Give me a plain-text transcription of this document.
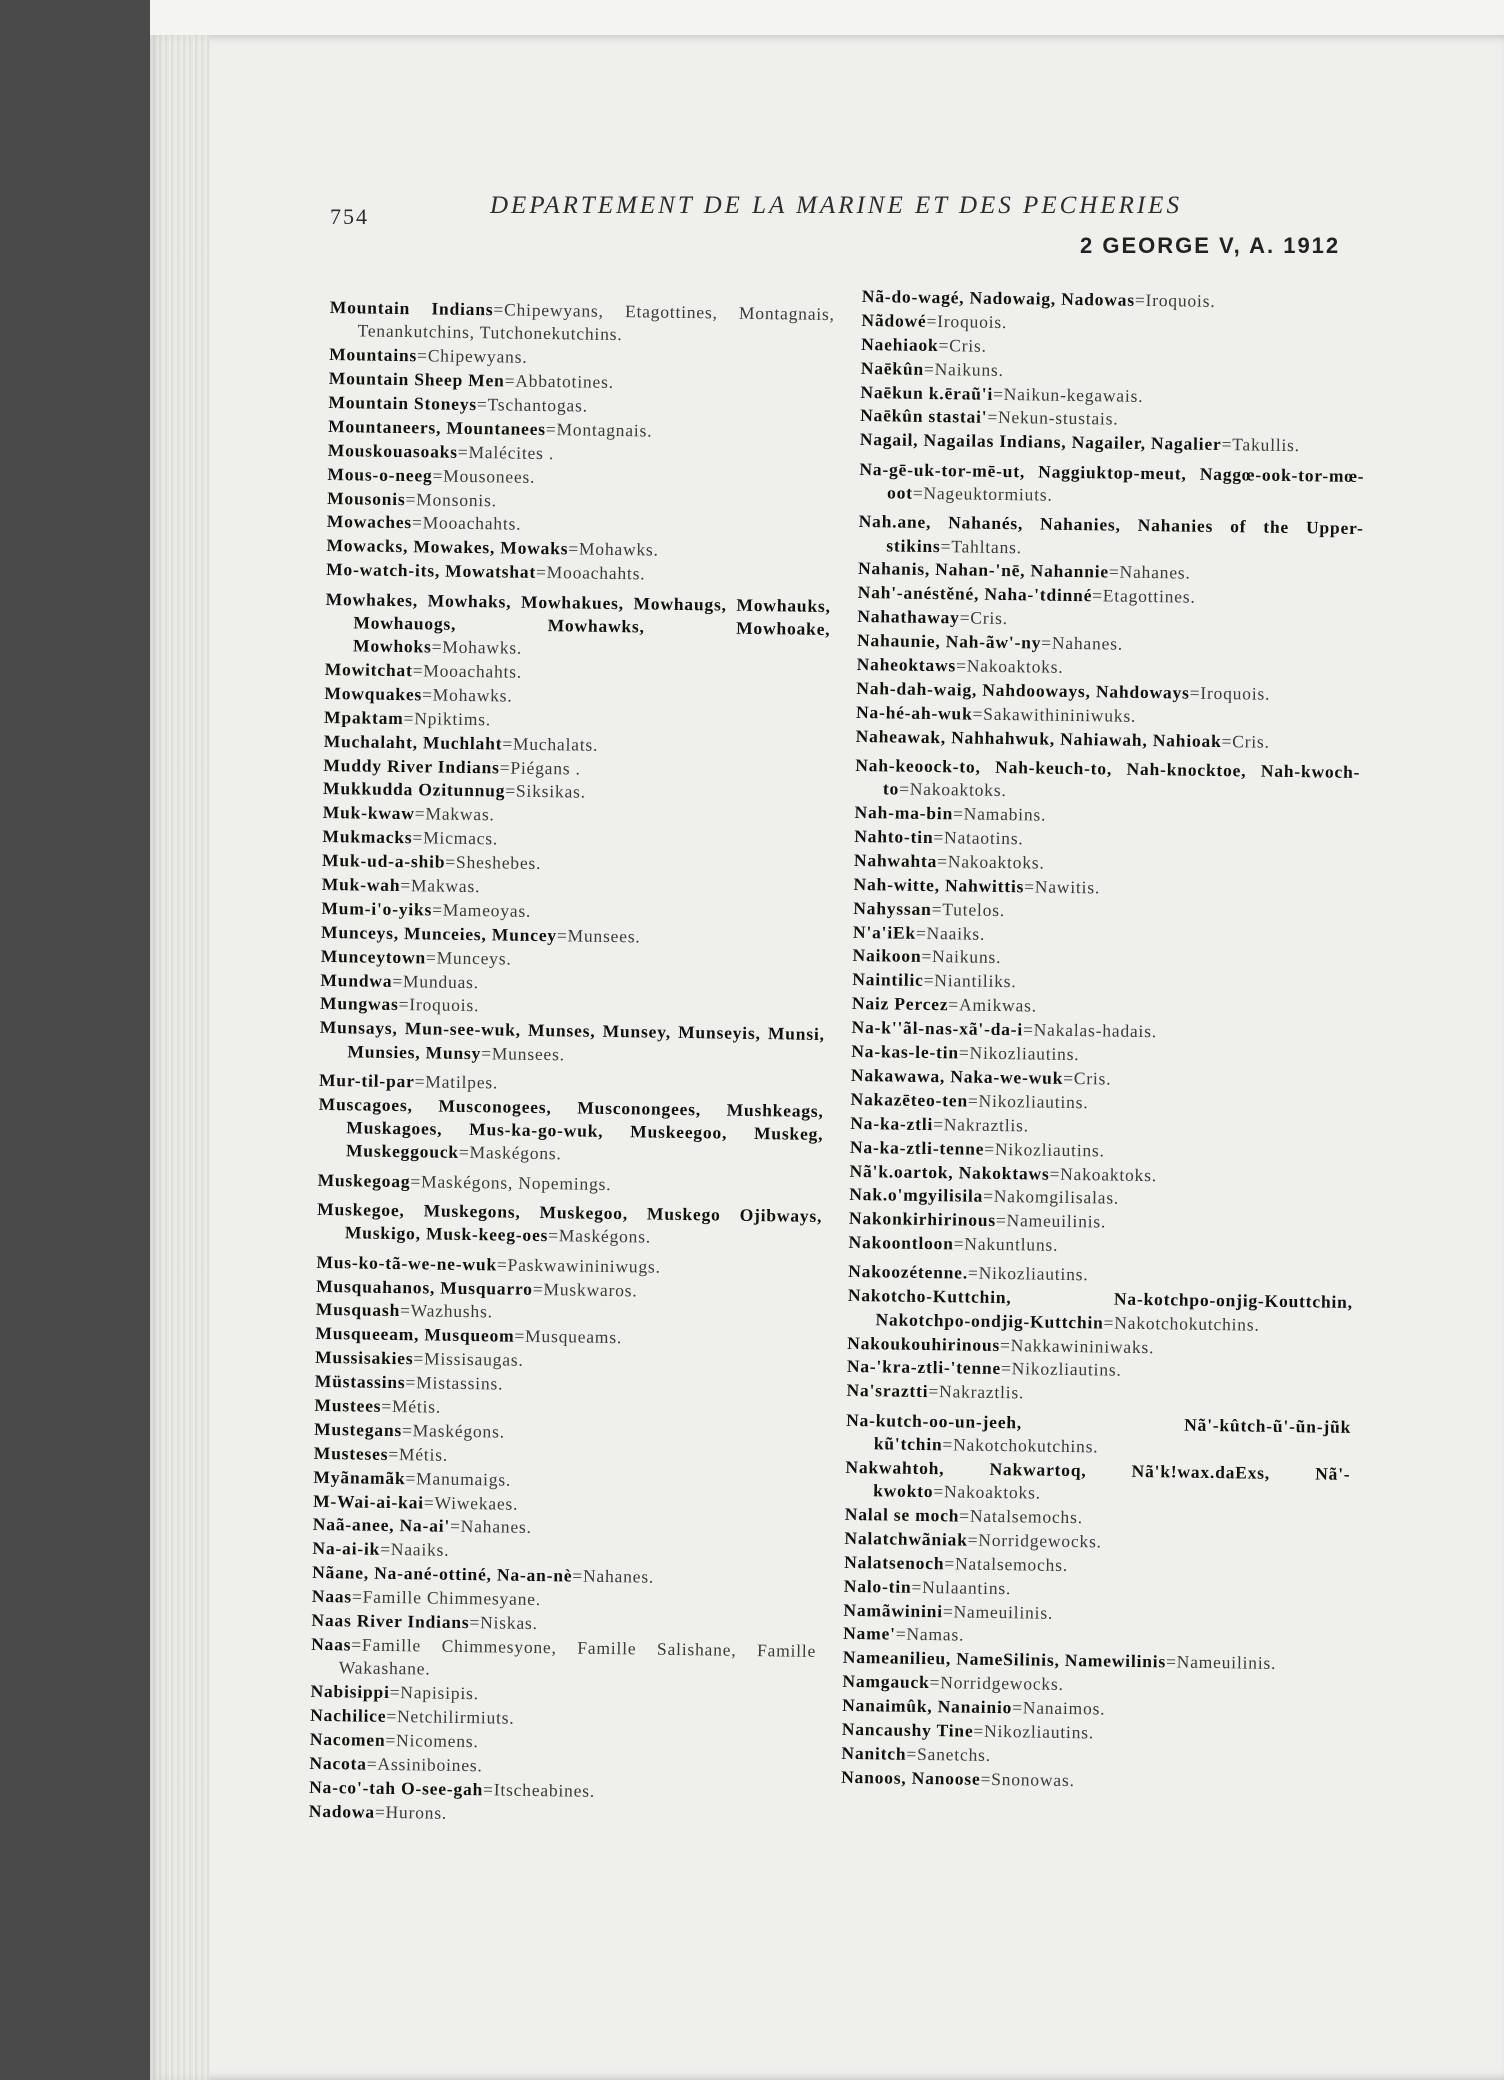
754	DEPARTEMENT DE LA MARINE ET DES PECHERIES
2 GEORGE V, A. 1912
Mountain Indians=Chipewyans, Etagottines, Montagnais, Tenankutchins, Tutchonekutchins.
Mountains=Chipewyans.
Mountain Sheep Men=Abbatotines.
Mountain Stoneys=Tschantogas.
Mountaneers, Mountanees=Montagnais.
Mouskouasoaks=Malécites .
Mous-o-neeg=Mousonees.
Mousonis=Monsonis.
Mowaches=Mooachahts.
Mowacks, Mowakes, Mowaks=Mohawks.
Mo-watch-its, Mowatshat=Mooachahts.
Mowhakes, Mowhaks, Mowhakues, Mowhaugs, Mowhauks, Mowhauogs, Mowhawks, Mowhoake, Mowhoks=Mohawks.
Mowitchat=Mooachahts.
Mowquakes=Mohawks.
Mpaktam=Npiktims.
Muchalaht, Muchlaht=Muchalats.
Muddy River Indians=Piégans .
Mukkudda Ozitunnug=Siksikas.
Muk-kwaw=Makwas.
Mukmacks=Micmacs.
Muk-ud-a-shib=Sheshebes.
Muk-wah=Makwas.
Mum-i'o-yiks=Mameoyas.
Munceys, Munceies, Muncey=Munsees.
Munceytown=Munceys.
Mundwa=Munduas.
Mungwas=Iroquois.
Munsays, Mun-see-wuk, Munses, Munsey, Munseyis, Munsi, Munsies, Munsy=Munsees.
Mur-til-par=Matilpes.
Muscagoes, Musconogees, Musconongees, Mushkeags, Muskagoes, Mus-ka-go-wuk, Muskeegoo, Muskeg, Muskeggouck=Maskégons.
Muskegoag=Maskégons, Nopemings.
Muskegoe, Muskegons, Muskegoo, Muskego Ojibways, Muskigo, Musk-keeg-oes=Maskégons.
Mus-ko-tã-we-ne-wuk=Paskwawininiwugs.
Musquahanos, Musquarro=Muskwaros.
Musquash=Wazhushs.
Musqueeam, Musqueom=Musqueams.
Mussisakies=Missisaugas.
Müstassins=Mistassins.
Mustees=Métis.
Mustegans=Maskégons.
Musteses=Métis.
Myãnamãk=Manumaigs.
M-Wai-ai-kai=Wiwekaes.
Naã-anee, Na-ai'=Nahanes.
Na-ai-ik=Naaiks.
Nãane, Na-ané-ottiné, Na-an-nè=Nahanes.
Naas=Famille Chimmesyane.
Naas River Indians=Niskas.
Naas=Famille Chimmesyone, Famille Salishane, Famille Wakashane.
Nabisippi=Napisipis.
Nachilice=Netchilirmiuts.
Nacomen=Nicomens.
Nacota=Assiniboines.
Na-co'-tah O-see-gah=Itscheabines.
Nadowa=Hurons.
Nã-do-wagé, Nadowaig, Nadowas=Iroquois.
Nãdowé=Iroquois.
Naehiaok=Cris.
Naēkûn=Naikuns.
Naēkun k.ēraũ'i=Naikun-kegawais.
Naēkûn stastai'=Nekun-stustais.
Nagail, Nagailas Indians, Nagailer, Nagalier=Takullis.
Na-gē-uk-tor-mē-ut, Naggiuktop-meut, Naggœ-ook-tor-mœ-oot=Nageuktormiuts.
Nah.ane, Nahanés, Nahanies, Nahanies of the Upper-stikins=Tahltans.
Nahanis, Nahan-'nē, Nahannie=Nahanes.
Nah'-anéstěné, Naha-'tdinné=Etagottines.
Nahathaway=Cris.
Nahaunie, Nah-ãw'-ny=Nahanes.
Naheoktaws=Nakoaktoks.
Nah-dah-waig, Nahdooways, Nahdoways=Iroquois.
Na-hé-ah-wuk=Sakawithininiwuks.
Naheawak, Nahhahwuk, Nahiawah, Nahioak=Cris.
Nah-keoock-to, Nah-keuch-to, Nah-knocktoe, Nah-kwoch-to=Nakoaktoks.
Nah-ma-bin=Namabins.
Nahto-tin=Nataotins.
Nahwahta=Nakoaktoks.
Nah-witte, Nahwittis=Nawitis.
Nahyssan=Tutelos.
N'a'iEk=Naaiks.
Naikoon=Naikuns.
Naintilic=Niantiliks.
Naiz Percez=Amikwas.
Na-k''ãl-nas-xã'-da-i=Nakalas-hadais.
Na-kas-le-tin=Nikozliautins.
Nakawawa, Naka-we-wuk=Cris.
Nakazēteo-ten=Nikozliautins.
Na-ka-ztli=Nakraztlis.
Na-ka-ztli-tenne=Nikozliautins.
Nã'k.oartok, Nakoktaws=Nakoaktoks.
Nak.o'mgyilisila=Nakomgilisalas.
Nakonkirhirinous=Nameuilinis.
Nakoontloon=Nakuntluns.
Nakoozétenne.=Nikozliautins.
Nakotcho-Kuttchin, Na-kotchpo-onjig-Kouttchin, Nakotchpo-ondjig-Kuttchin=Nakotchokutchins.
Nakoukouhirinous=Nakkawininiwaks.
Na-'kra-ztli-'tenne=Nikozliautins.
Na'sraztti=Nakraztlis.
Na-kutch-oo-un-jeeh, Nã'-kûtch-ũ'-ũn-jũk kũ'tchin=Nakotchokutchins.
Nakwahtoh, Nakwartoq, Nã'k!wax.daExs, Nã'-kwokto=Nakoaktoks.
Nalal se moch=Natalsemochs.
Nalatchwãniak=Norridgewocks.
Nalatsenoch=Natalsemochs.
Nalo-tin=Nulaantins.
Namãwinini=Nameuilinis.
Name'=Namas.
Nameanilieu, NameSilinis, Namewilinis=Nameuilinis.
Namgauck=Norridgewocks.
Nanaimûk, Nanainio=Nanaimos.
Nancaushy Tine=Nikozliautins.
Nanitch=Sanetchs.
Nanoos, Nanoose=Snonowas.
